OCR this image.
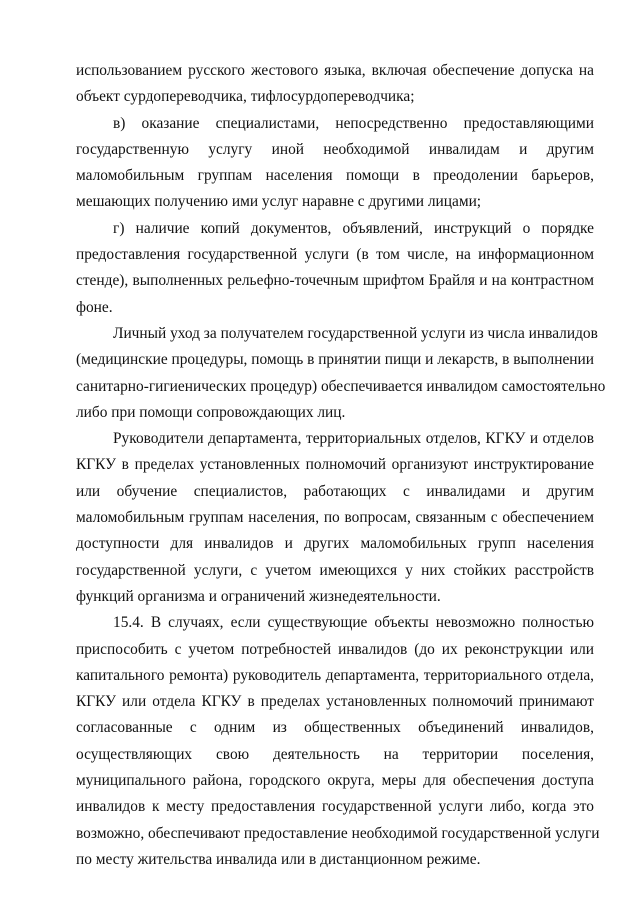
использованием русского жестового языка, включая обеспечение допуска на
объект сурдопереводчика, тифлосурдопереводчика;
в) оказание специалистами, непосредственно предоставляющими
государственную услугу иной необходимой инвалидам и другим
маломобильным группам населения помощи в преодолении барьеров,
мешающих получению ими услуг наравне с другими лицами;
г) наличие копий документов, объявлений, инструкций о порядке
предоставления государственной услуги (в том числе, на информационном
стенде), выполненных рельефно-точечным шрифтом Брайля и на контрастном
фоне.
Личный уход за получателем государственной услуги из числа инвалидов
(медицинские процедуры, помощь в принятии пищи и лекарств, в выполнении
санитарно-гигиенических процедур) обеспечивается инвалидом самостоятельно
либо при помощи сопровождающих лиц.
Руководители департамента, территориальных отделов, КГКУ и отделов
КГКУ в пределах установленных полномочий организуют инструктирование
или обучение специалистов, работающих с инвалидами и другим
маломобильным группам населения, по вопросам, связанным с обеспечением
доступности для инвалидов и других маломобильных групп населения
государственной услуги, с учетом имеющихся у них стойких расстройств
функций организма и ограничений жизнедеятельности.
15.4. В случаях, если существующие объекты невозможно полностью
приспособить с учетом потребностей инвалидов (до их реконструкции или
капитального ремонта) руководитель департамента, территориального отдела,
КГКУ или отдела КГКУ в пределах установленных полномочий принимают
согласованные с одним из общественных объединений инвалидов,
осуществляющих свою деятельность на территории поселения,
муниципального района, городского округа, меры для обеспечения доступа
инвалидов к месту предоставления государственной услуги либо, когда это
возможно, обеспечивают предоставление необходимой государственной услуги
по месту жительства инвалида или в дистанционном режиме.
